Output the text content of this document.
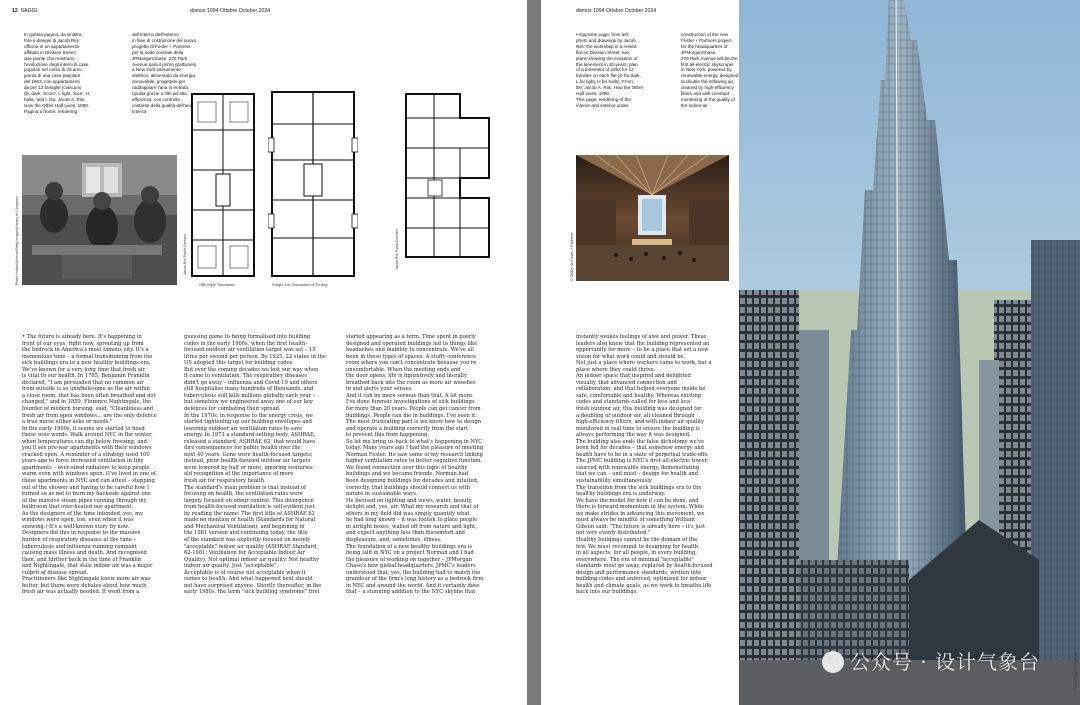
12 SAGGI	domus 1094 Ottobre October 2024

In questa pagina, da sinistra,
foto e disegni di Jacob Riis:
officina in un appartamento
affittato in Division Street;
due piante che mostrano
l'evoluzione degli interni di case
popolari nel corso di 20 anni;
pianta di una casa popolare
del 1863, con appartamenti
da per 12 famiglie (ciascuno
(D, dark, 'scuro', L light, 'luce', H,
halls, 'atrii'). Da: Jacob A. Riis,
How the Other Half Lives, 1890.
Pagina a fronte: rendering

dell'interno dell'esterno
in fase di costruzione del nuovo
progetto di Foster + Partners
per la sede centrale della
JPMorganChase. 270 Park
Avenue sarà il primo grattacielo
a New York interamente
elettrico, alimentato da energia
rinnovabile, progettato per
raddoppiare l'aria in entrata,
ripulita grazie a filtri ad alta
efficienza, con controllo
costante della qualità dell'aria
interna

Photo Hulton/Archive/Getty Images/Library of Congress	Old Style Tenement.
Jacob Riis Public Domain
Single Lot Tenement of To-day.
Jacob Riis Public Domain

• The future is already here. It's happening in
front of our eyes, right now, sprouting up from
the bedrock in America's most famous city. It's a
momentous time – a formal transitioning from the
sick buildings era to a new healthy buildings era.
We've known for a very long time that fresh air
is vital to our health. In 1785, Benjamin Franklin
declared, "I am persuaded that no common air
from outside is so unwholesome as the air within
a close room, that has been often breathed and not
changed," and in 1859, Florence Nightingale, the
founder of modern nursing, said, "Cleanliness and
fresh air from open windows... are the only defence
a true nurse either asks or needs."
In the early 1900s, it seems we started to heed
these wise words. Walk around NYC in the winter,
when temperatures can dip below freezing, and
you'll see pre-war apartments with their windows
cracked open. A reminder of a strategy used 100
years ago to force increased ventilation in tiny
apartments – over-sized radiators to keep people
warm even with windows open. (I've lived in one of
these apartments in NYC and can attest – stepping
out of the shower and having to be careful how I
turned so as not to burn my backside against one
of the massive steam pipes running through my
bathroom that over-heated our apartment.
As the designers of the time intended, yes, my
windows were open, too, even when it was
snowing.) It's a well-known story by now.
Designers did this in response to the massive
burden of respiratory diseases at the time –
tuberculosis and influenza running rampant
causing mass illness and death. And recognised
then, and further back in the time of Franklin
and Nightingale, that stale indoor air was a major
culprit of disease spread.
Practitioners like Nightingale knew more air was
better, but there were debates about how much
fresh air was actually needed. It went from a

guessing game to being formalised into building
codes in the early 1900s, when the first health-
focused outdoor air ventilation target was set – 15
litres per second per person. By 1925, 22 states in the
US adopted this target for building codes.
But over the coming decades we lost our way when
it came to ventilation. The respiratory diseases
didn't go away – influenza and Covid-19 and others
still hospitalise many hundreds of thousands, and
tuberculosis still kills millions globally each year –
but somehow we engineered away one of our key
defences for combating their spread.
In the 1970s, in response to the energy crisis, we
started tightening up our building envelopes and
lowering outdoor air ventilation rates to save
energy. In 1973 a standard-setting body, ASHRAE,
released a standard, ASHRAE 62, that would have
dire consequences for public health over the
next 40 years. Gone were health-focused targets;
instead, prior health-focused outdoor air targets
were lowered by half or more, ignoring centuries-
old recognition of the importance of more
fresh air for respiratory health.
The standard's main problem is that instead of
focusing on health, the ventilation rates were
largely focused on odour control. This divergence
from health-focused ventilation is self-evident just
by reading the name: The first title of ASHRAE 62
made no mention of health (Standards for Natural
and Mechanical Ventilation), and beginning in
the 1981 version and continuing today, the title
of the standard was explicitly focused on merely
"acceptable" indoor air quality (ASHRAE Standard
62-1981: Ventilation for Acceptable Indoor Air
Quality). Not optimal indoor air quality. Not healthy
indoor air quality. Just "acceptable".
Acceptable is of course not acceptable when it
comes to health. And what happened next should
not have surprised anyone. Shortly thereafter, in the
early 1980s, the term "sick building syndrome" first

started appearing as a term. Time spent in poorly
designed and operated buildings led to things like
headaches and inability to concentrate. We've all
been in these types of spaces. A stuffy conference
room where you can't concentrate because you're
uncomfortable. When the meeting ends and
the door opens, life is figuratively and literally
breathed back into the room as more air wooshes
in and alerts your senses.
And it can be more serious than that. A lot more.
I've done forensic investigations of sick buildings
for more than 20 years. People can get cancer from
buildings. People can die in buildings. I've seen it.
The most frustrating part is we know how to design
and operate a building correctly from the start
to prevent this from happening.
So let me bring us back to what's happening in NYC
today. Many years ago I had the pleasure of meeting
Norman Foster. He saw some of my research linking
higher ventilation rates to better cognitive function.
We found connection over this topic of healthy
buildings and we became friends. Norman had
been designing buildings for decades and intuited,
correctly, that buildings should connect us with
nature in sustainable ways.
He focused on lighting and views, water, beauty,
delight and, yes, air. What my research and that of
others in my field did was simply quantify what
he had long known – it was foolish to place people
in airtight boxes, walled off from nature and light,
and expect anything less than discomfort and
displeasure, and, sometimes, illness.
The foundation of a new healthy buildings era is
being laid in NYC on a project Norman and I had
the pleasure of working on together – JPMorgan
Chase's new global headquarters. JPMC's leaders
understood that, yes, the building had to match the
grandeur of the firm's long history as a bedrock firm
in NYC and around the world. And it certainly does
that – a stunning addition to the NYC skyline that

domus 1094 Ottobre October 2024

• Opposite page, from left:
photo and drawings by Jacob
Riis: the workshop in a rented
flat on Division Street; two
plans showing the evolution of
the tenement in 20 years; plan
of a tenement of 1863 for 12
families on each flat (D for dark,
L for light, H for halls). From:
De: Jacob A. Riis, How the Other
Half Lives, 1890.
This page: rendering of the
interior and exterior under

construction of the new
Foster + Partners project
for the headquarters of
JPMorganChase.
270 Park Avenue will be the
first all-electric skyscraper
in New York, powered by
renewable energy, designed
to double the inflowing air,
cleaned by high-efficiency
filters and with constant
monitoring of the quality of
the indoor air

© DBOX for Foster + Partners
Photo Foster + Partners

instantly evokes feelings of awe and power. These
leaders also knew that the building represented an
opportunity for more – to be a place that set a new
vision for what work could and should be.
Not just a place where workers came to work, but a
place where they could thrive.
An indoor space that inspired and delighted
visually, that advanced connection and
collaboration, and that helped everyone inside be
safe, comfortable and healthy. Whereas existing
codes and standards called for less and less
fresh outdoor air, this building was designed for
a doubling of outdoor air, all cleaned through
high-efficiency filters, and with indoor air quality
monitored in real time to ensure the building is
always performing the way it was designed.
The building also ends the false dichotomy we've
been fed for decades – that somehow energy and
health have to be in a state of perpetual trade-offs.
The JPMC building is NYC's first all-electric tower,
sourced with renewable energy, demonstrating
that we can – and must – design for health and
sustainability simultaneously.
The transition from the sick buildings era to the
healthy buildings era is underway.
We have the model for how it can be done, and
there is forward momentum in the system. While
we make strides in advancing this movement, we
must always be mindful of something William
Gibson said: "The future is already here – it's just
not very evenly distributed."
Healthy buildings cannot be the domain of the
few. We must recommit to designing for health
in all aspects, for all people, in every building,
everywhere. The era of minimal "acceptable"
standards must go away, replaced by health-focused
design and performance standards, written into
building codes and enforced, optimised for indoor
health and climate goals, as we work to breathe life
back into our buildings.

公众号 · 设计气象台
